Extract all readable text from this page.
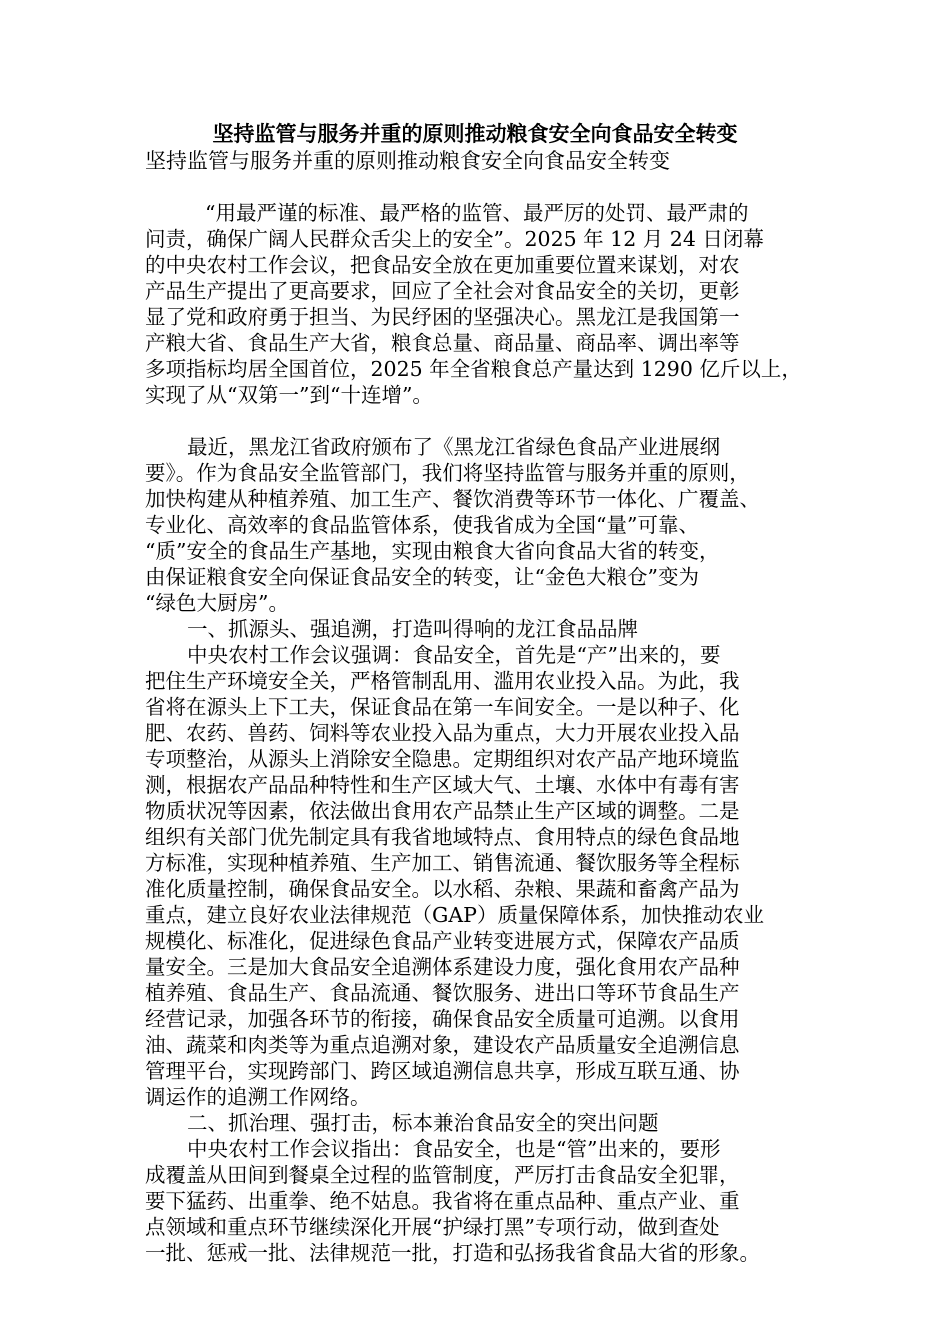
坚持监管与服务并重的原则推动粮食安全向食品安全转变
坚持监管与服务并重的原则推动粮食安全向食品安全转变
“用最严谨的标准、最严格的监管、最严厉的处罚、最严肃的
问责，确保广阔人民群众舌尖上的安全”。2025 年 12 月 24 日闭幕
的中央农村工作会议，把食品安全放在更加重要位置来谋划，对农
产品生产提出了更高要求，回应了全社会对食品安全的关切，更彰
显了党和政府勇于担当、为民纾困的坚强决心。黑龙江是我国第一
产粮大省、食品生产大省，粮食总量、商品量、商品率、调出率等
多项指标均居全国首位，2025 年全省粮食总产量达到 1290 亿斤以上，
实现了从“双第一”到“十连增”。
最近，黑龙江省政府颁布了《黑龙江省绿色食品产业进展纲
要》。作为食品安全监管部门，我们将坚持监管与服务并重的原则，
加快构建从种植养殖、加工生产、餐饮消费等环节一体化、广覆盖、
专业化、高效率的食品监管体系，使我省成为全国“量”可靠、
“质”安全的食品生产基地，实现由粮食大省向食品大省的转变，
由保证粮食安全向保证食品安全的转变，让“金色大粮仓”变为
“绿色大厨房”。
一、抓源头、强追溯，打造叫得响的龙江食品品牌
中央农村工作会议强调：食品安全，首先是“产”出来的，要
把住生产环境安全关，严格管制乱用、滥用农业投入品。为此，我
省将在源头上下工夫，保证食品在第一车间安全。一是以种子、化
肥、农药、兽药、饲料等农业投入品为重点，大力开展农业投入品
专项整治，从源头上消除安全隐患。定期组织对农产品产地环境监
测，根据农产品品种特性和生产区域大气、土壤、水体中有毒有害
物质状况等因素，依法做出食用农产品禁止生产区域的调整。二是
组织有关部门优先制定具有我省地域特点、食用特点的绿色食品地
方标准，实现种植养殖、生产加工、销售流通、餐饮服务等全程标
准化质量控制，确保食品安全。以水稻、杂粮、果蔬和畜禽产品为
重点，建立良好农业法律规范（GAP）质量保障体系，加快推动农业
规模化、标准化，促进绿色食品产业转变进展方式，保障农产品质
量安全。三是加大食品安全追溯体系建设力度，强化食用农产品种
植养殖、食品生产、食品流通、餐饮服务、进出口等环节食品生产
经营记录，加强各环节的衔接，确保食品安全质量可追溯。以食用
油、蔬菜和肉类等为重点追溯对象，建设农产品质量安全追溯信息
管理平台，实现跨部门、跨区域追溯信息共享，形成互联互通、协
调运作的追溯工作网络。
二、抓治理、强打击，标本兼治食品安全的突出问题
中央农村工作会议指出：食品安全，也是“管”出来的，要形
成覆盖从田间到餐桌全过程的监管制度，严厉打击食品安全犯罪，
要下猛药、出重拳、绝不姑息。我省将在重点品种、重点产业、重
点领域和重点环节继续深化开展“护绿打黑”专项行动，做到查处
一批、惩戒一批、法律规范一批，打造和弘扬我省食品大省的形象。
